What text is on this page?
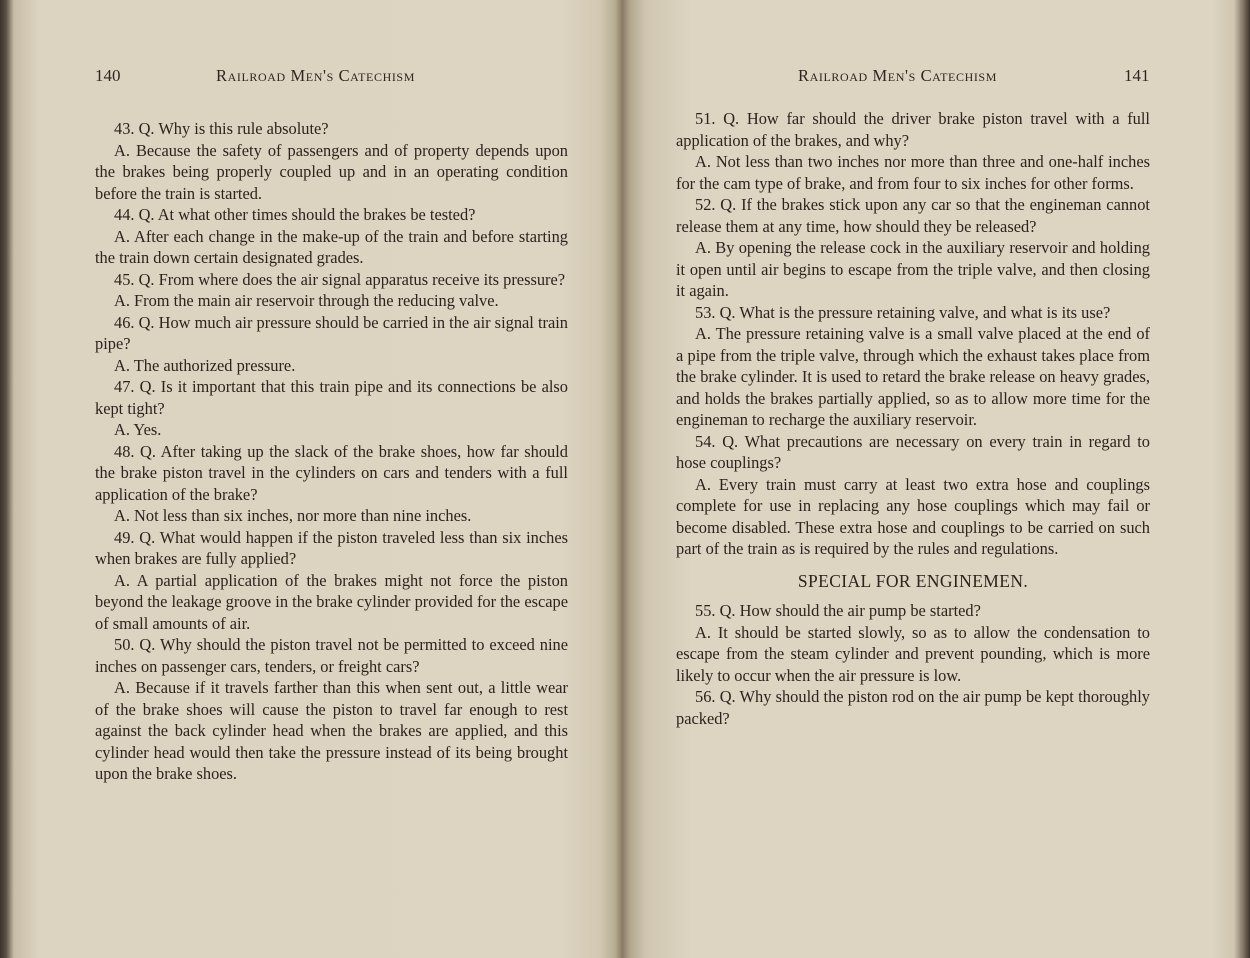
140	Railroad Men's Catechism

43. Q. Why is this rule absolute?

A. Because the safety of passengers and of property depends upon the brakes being properly coupled up and in an operating condition before the train is started.

44. Q. At what other times should the brakes be tested?

A. After each change in the make-up of the train and before starting the train down certain designated grades.

45. Q. From where does the air signal apparatus receive its pressure?

A. From the main air reservoir through the reducing valve.

46. Q. How much air pressure should be carried in the air signal train pipe?

A. The authorized pressure.

47. Q. Is it important that this train pipe and its connections be also kept tight?

A. Yes.

48. Q. After taking up the slack of the brake shoes, how far should the brake piston travel in the cylinders on cars and tenders with a full application of the brake?

A. Not less than six inches, nor more than nine inches.

49. Q. What would happen if the piston traveled less than six inches when brakes are fully applied?

A. A partial application of the brakes might not force the piston beyond the leakage groove in the brake cylinder provided for the escape of small amounts of air.

50. Q. Why should the piston travel not be permitted to exceed nine inches on passenger cars, tenders, or freight cars?

A. Because if it travels farther than this when sent out, a little wear of the brake shoes will cause the piston to travel far enough to rest against the back cylinder head when the brakes are applied, and this cylinder head would then take the pressure instead of its being brought upon the brake shoes.

Railroad Men's Catechism	141

51. Q. How far should the driver brake piston travel with a full application of the brakes, and why?

A. Not less than two inches nor more than three and one-half inches for the cam type of brake, and from four to six inches for other forms.

52. Q. If the brakes stick upon any car so that the engineman cannot release them at any time, how should they be released?

A. By opening the release cock in the auxiliary reservoir and holding it open until air begins to escape from the triple valve, and then closing it again.

53. Q. What is the pressure retaining valve, and what is its use?

A. The pressure retaining valve is a small valve placed at the end of a pipe from the triple valve, through which the exhaust takes place from the brake cylinder. It is used to retard the brake release on heavy grades, and holds the brakes partially applied, so as to allow more time for the engineman to recharge the auxiliary reservoir.

54. Q. What precautions are necessary on every train in regard to hose couplings?

A. Every train must carry at least two extra hose and couplings complete for use in replacing any hose couplings which may fail or become disabled. These extra hose and couplings to be carried on such part of the train as is required by the rules and regulations.

SPECIAL FOR ENGINEMEN.

55. Q. How should the air pump be started?

A. It should be started slowly, so as to allow the condensation to escape from the steam cylinder and prevent pounding, which is more likely to occur when the air pressure is low.

56. Q. Why should the piston rod on the air pump be kept thoroughly packed?
